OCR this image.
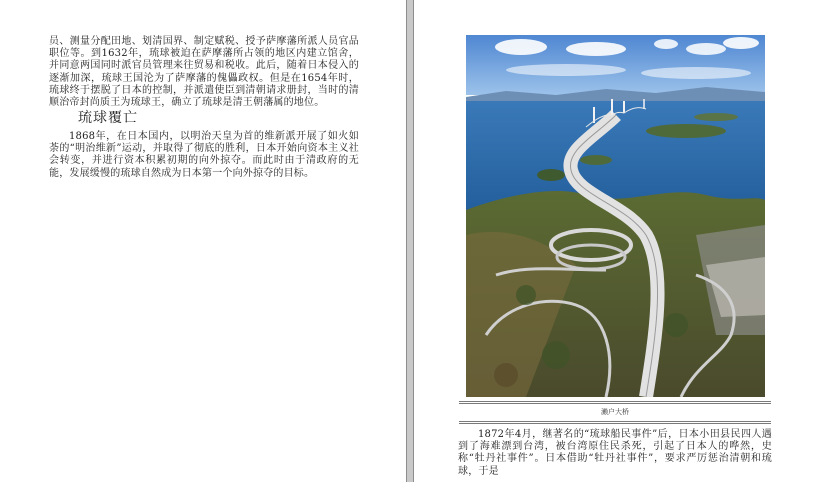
员、测量分配田地、划清国界、制定赋税、授予萨摩藩所派人员官品职位等。到1632年，琉球被迫在萨摩藩所占领的地区内建立馆舍，并同意两国同时派官员管理来往贸易和税收。此后，随着日本侵入的逐渐加深，琉球王国沦为了萨摩藩的傀儡政权。但是在1654年时，琉球终于摆脱了日本的控制，并派遣使臣到清朝请求册封，当时的清顺治帝封尚质王为琉球王，确立了琉球是清王朝藩属的地位。
琉球覆亡
1868年，在日本国内，以明治天皇为首的维新派开展了如火如荼的“明治维新”运动，并取得了彻底的胜利，日本开始向资本主义社会转变，并进行资本积累初期的向外掠夺。而此时由于清政府的无能，发展缓慢的琉球自然成为日本第一个向外掠夺的目标。
濑户大桥
1872年4月，继著名的“琉球船民事件”后，日本小田县民四人遇到了海难漂到台湾，被台湾原住民杀死，引起了日本人的哗然，史称“牡丹社事件”。日本借助“牡丹社事件”，要求严厉惩治清朝和琉球，于是
